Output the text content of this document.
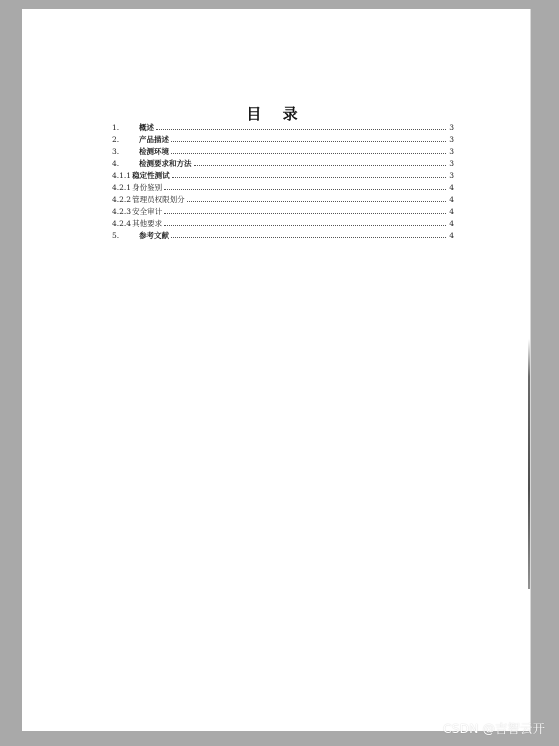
目 录
1.	概述	3
2.	产品描述	3
3.	检测环境	3
4.	检测要求和方法	3
4.1.1 稳定性测试	3
4.2.1 身份鉴别	4
4.2.2 管理员权限划分	4
4.2.3 安全审计	4
4.2.4 其他要求	4
5.	参考文献	4
CSDN @吉智云开
